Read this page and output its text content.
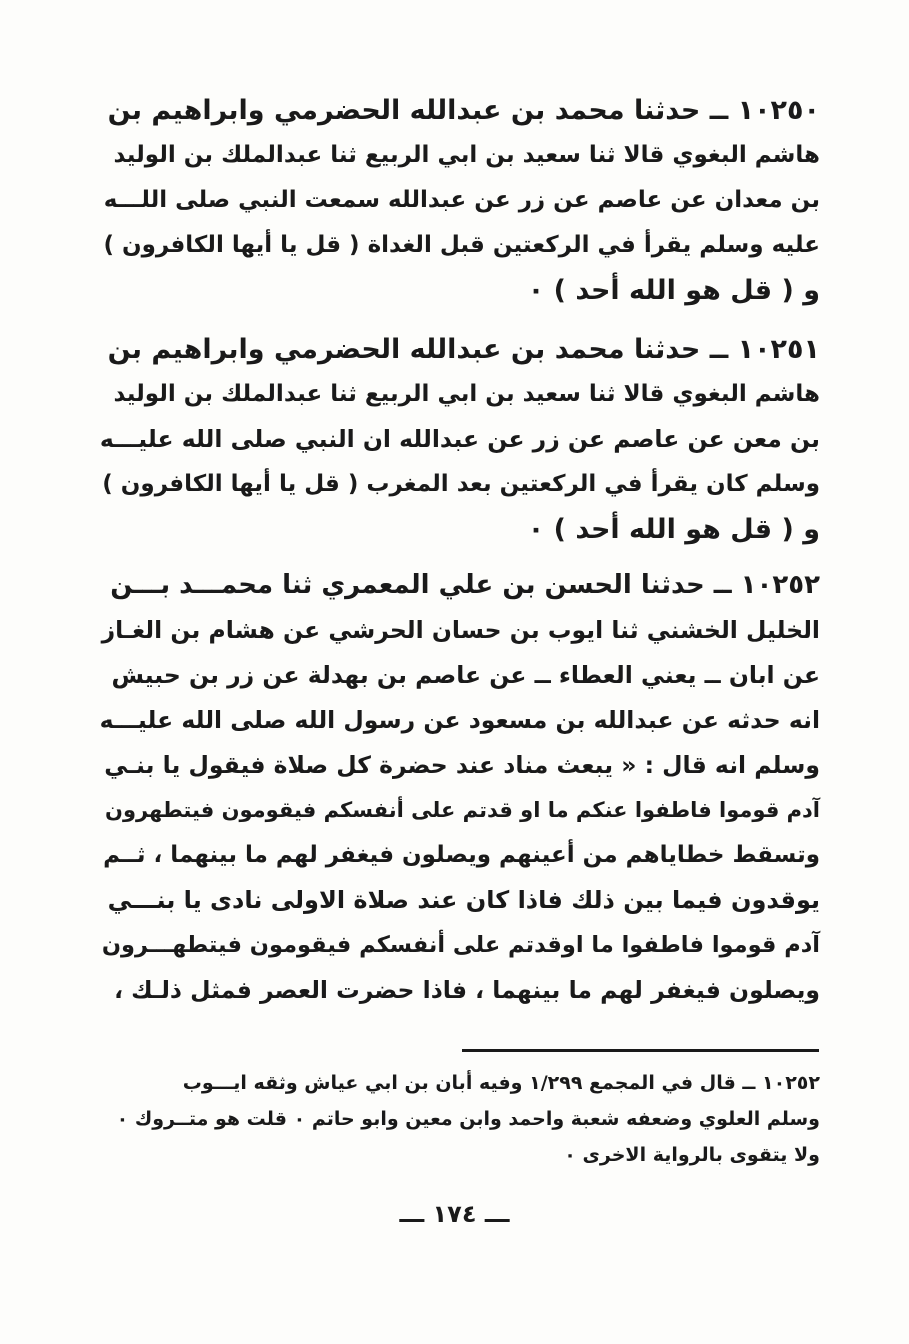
١٠٢٥٠ ــ حدثنا محمد بن عبدالله الحضرمي وابراهيم بن
هاشم البغوي قالا ثنا سعيد بن ابي الربيع ثنا عبدالملك بن الوليد
بن معدان عن عاصم عن زر عن عبدالله سمعت النبي صلى اللـــه
عليه وسلم يقرأ في الركعتين قبل الغداة ( قل يا أيها الكافرون )
و ( قل هو الله أحد ) ٠
١٠٢٥١ ــ حدثنا محمد بن عبدالله الحضرمي وابراهيم بن
هاشم البغوي قالا ثنا سعيد بن ابي الربيع ثنا عبدالملك بن الوليد
بن معن عن عاصم عن زر عن عبدالله ان النبي صلى الله عليـــه
وسلم كان يقرأ في الركعتين بعد المغرب ( قل يا أيها الكافرون )
و ( قل هو الله أحد ) ٠
١٠٢٥٢ ــ حدثنا الحسن بن علي المعمري ثنا محمـــد بـــن
الخليل الخشني ثنا ايوب بن حسان الحرشي عن هشام بن الغـاز
عن ابان ــ يعني العطاء ــ عن عاصم بن بهدلة عن زر بن حبيش
انه حدثه عن عبدالله بن مسعود عن رسول الله صلى الله عليـــه
وسلم انه قال : « يبعث مناد عند حضرة كل صلاة فيقول يا بنـي
آدم قوموا فاطفوا عنكم ما او قدتم على أنفسكم فيقومون فيتطهرون
وتسقط خطاياهم من أعينهم ويصلون فيغفر لهم ما بينهما ، ثــم
يوقدون فيما بين ذلك فاذا كان عند صلاة الاولى نادى يا بنـــي
آدم قوموا فاطفوا ما اوقدتم على أنفسكم فيقومون فيتطهـــرون
ويصلون فيغفر لهم ما بينهما ، فاذا حضرت العصر فمثل ذلـك ،
١٠٢٥٢ ــ قال في المجمع ١/٢٩٩ وفيه أبان بن ابي عياش وثقه ايـــوب
وسلم العلوي وضعفه شعبة واحمد وابن معين وابو حاتم ٠ قلت هو متــروك ٠
ولا يتقوى بالرواية الاخرى ٠
ـــ ١٧٤ ـــ
